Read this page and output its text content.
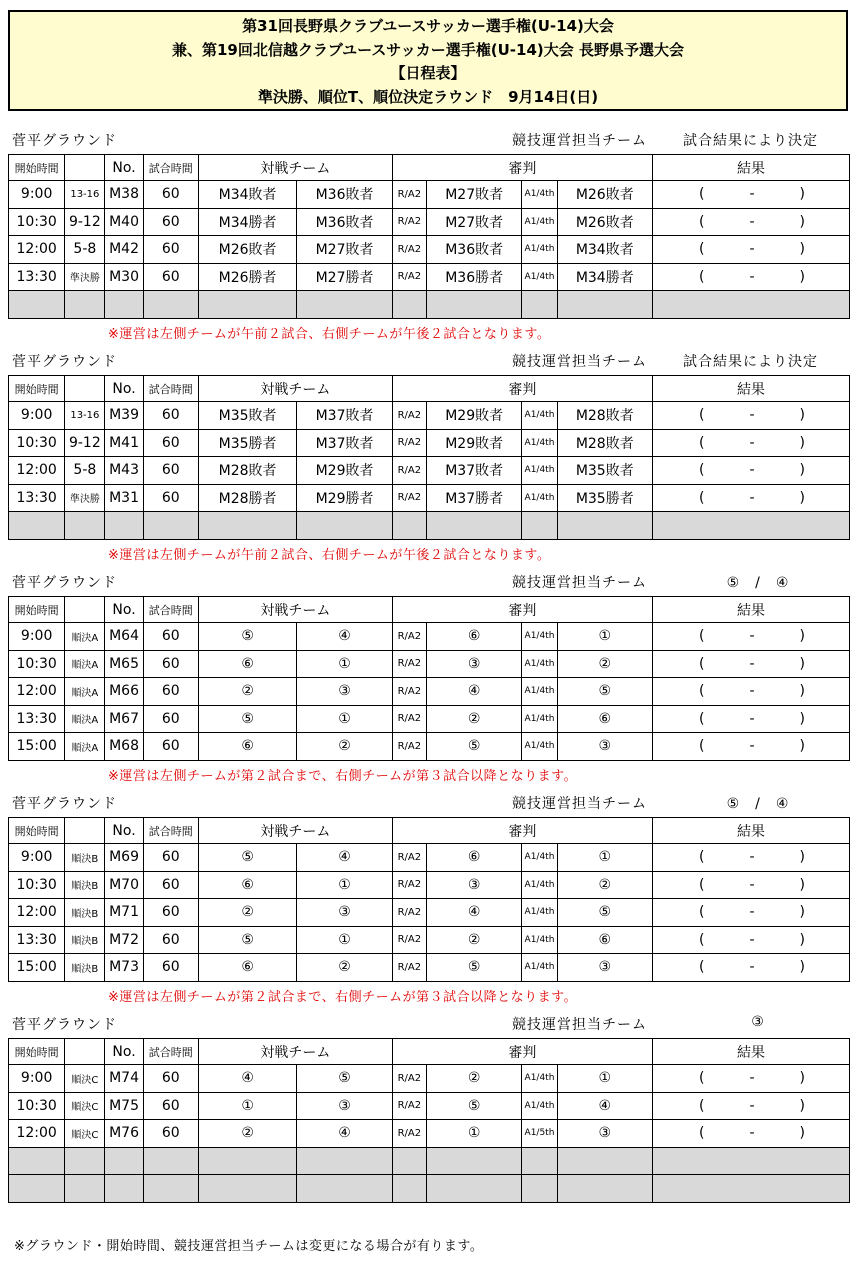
第31回長野県クラブユースサッカー選手権(U-14)大会
兼、第19回北信越クラブユースサッカー選手権(U-14)大会 長野県予選大会
【日程表】
準決勝、順位T、順位決定ラウンド　9月14日(日)
菅平グラウンド	競技運営担当チーム	試合結果により決定
開始時間		No.	試合時間	対戦チーム		審判				結果
9:00	13-16	M38	60	M34敗者	M36敗者	R/A2	M27敗者	A1/4th	M26敗者	( - )

10:30	9-12	M40	60	M34勝者	M36敗者	R/A2	M27敗者	A1/4th	M26敗者	( - )

12:00	5-8	M42	60	M26敗者	M27敗者	R/A2	M36敗者	A1/4th	M34敗者	( - )

13:30	準決勝	M30	60	M26勝者	M27勝者	R/A2	M36勝者	A1/4th	M34勝者	( - )

※運営は左側チームが午前２試合、右側チームが午後２試合となります。
菅平グラウンド	競技運営担当チーム	試合結果により決定
開始時間		No.	試合時間	対戦チーム		審判				結果
9:00	13-16	M39	60	M35敗者	M37敗者	R/A2	M29敗者	A1/4th	M28敗者	( - )

10:30	9-12	M41	60	M35勝者	M37敗者	R/A2	M29敗者	A1/4th	M28敗者	( - )

12:00	5-8	M43	60	M28敗者	M29敗者	R/A2	M37敗者	A1/4th	M35敗者	( - )

13:30	準決勝	M31	60	M28勝者	M29勝者	R/A2	M37勝者	A1/4th	M35勝者	( - )

※運営は左側チームが午前２試合、右側チームが午後２試合となります。
菅平グラウンド	競技運営担当チーム	⑤　/　④
開始時間		No.	試合時間	対戦チーム		審判				結果
9:00	順決A	M64	60	⑤	④	R/A2	⑥	A1/4th	①	( - )

10:30	順決A	M65	60	⑥	①	R/A2	③	A1/4th	②	( - )

12:00	順決A	M66	60	②	③	R/A2	④	A1/4th	⑤	( - )

13:30	順決A	M67	60	⑤	①	R/A2	②	A1/4th	⑥	( - )

15:00	順決A	M68	60	⑥	②	R/A2	⑤	A1/4th	③	( - )
※運営は左側チームが第２試合まで、右側チームが第３試合以降となります。
菅平グラウンド	競技運営担当チーム	⑤　/　④
開始時間		No.	試合時間	対戦チーム		審判				結果
9:00	順決B	M69	60	⑤	④	R/A2	⑥	A1/4th	①	( - )

10:30	順決B	M70	60	⑥	①	R/A2	③	A1/4th	②	( - )

12:00	順決B	M71	60	②	③	R/A2	④	A1/4th	⑤	( - )

13:30	順決B	M72	60	⑤	①	R/A2	②	A1/4th	⑥	( - )

15:00	順決B	M73	60	⑥	②	R/A2	⑤	A1/4th	③	( - )
※運営は左側チームが第２試合まで、右側チームが第３試合以降となります。
菅平グラウンド	競技運営担当チーム	③
開始時間		No.	試合時間	対戦チーム		審判				結果
9:00	順決C	M74	60	④	⑤	R/A2	②	A1/4th	①	( - )

10:30	順決C	M75	60	①	③	R/A2	⑤	A1/4th	④	( - )

12:00	順決C	M76	60	②	④	R/A2	①	A1/5th	③	( - )

※グラウンド・開始時間、競技運営担当チームは変更になる場合が有ります。
